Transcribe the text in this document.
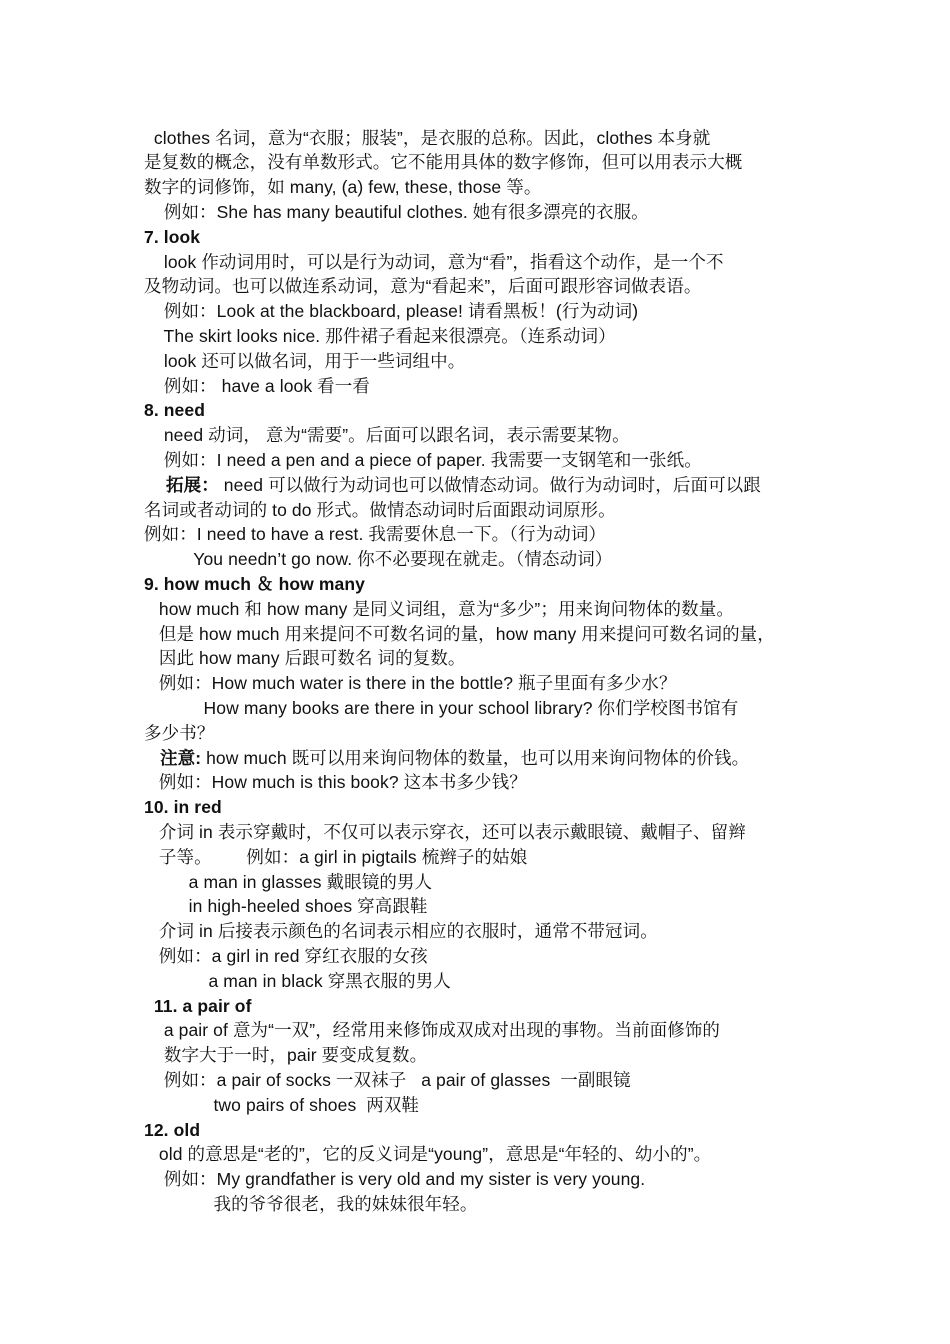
clothes 名词，意为“衣服；服装”，是衣服的总称。因此，clothes 本身就
是复数的概念，没有单数形式。它不能用具体的数字修饰，但可以用表示大概
数字的词修饰，如 many, (a) few, these, those 等。
例如：She has many beautiful clothes. 她有很多漂亮的衣服。
7. look
look 作动词用时，可以是行为动词，意为“看”，指看这个动作，是一个不
及物动词。也可以做连系动词，意为“看起来”，后面可跟形容词做表语。
例如：Look at the blackboard, please! 请看黑板！(行为动词)
The skirt looks nice. 那件裙子看起来很漂亮。（连系动词）
look 还可以做名词，用于一些词组中。
例如： have a look 看一看
8. need
need 动词， 意为“需要”。后面可以跟名词，表示需要某物。
例如：I need a pen and a piece of paper. 我需要一支钢笔和一张纸。
拓展： need 可以做行为动词也可以做情态动词。做行为动词时，后面可以跟
名词或者动词的 to do 形式。做情态动词时后面跟动词原形。
例如：I need to have a rest. 我需要休息一下。（行为动词）
You needn’t go now. 你不必要现在就走。（情态动词）
9. how much ＆ how many
how much 和 how many 是同义词组，意为“多少”；用来询问物体的数量。
但是 how much 用来提问不可数名词的量，how many 用来提问可数名词的量，
因此 how many 后跟可数名 词的复数。
例如：How much water is there in the bottle? 瓶子里面有多少水？
How many books are there in your school library? 你们学校图书馆有
多少书？
注意: how much 既可以用来询问物体的数量，也可以用来询问物体的价钱。
例如：How much is this book? 这本书多少钱？
10. in red
介词 in 表示穿戴时，不仅可以表示穿衣，还可以表示戴眼镜、戴帽子、留辫
子等。       例如：a girl in pigtails 梳辫子的姑娘
a man in glasses 戴眼镜的男人
in high-heeled shoes 穿高跟鞋
介词 in 后接表示颜色的名词表示相应的衣服时，通常不带冠词。
例如：a girl in red 穿红衣服的女孩
a man in black 穿黑衣服的男人
11. a pair of
a pair of 意为“一双”，经常用来修饰成双成对出现的事物。当前面修饰的
数字大于一时，pair 要变成复数。
例如：a pair of socks 一双袜子   a pair of glasses  一副眼镜
two pairs of shoes  两双鞋
12. old
old 的意思是“老的”，它的反义词是“young”，意思是“年轻的、幼小的”。
例如：My grandfather is very old and my sister is very young.
我的爷爷很老，我的妹妹很年轻。
